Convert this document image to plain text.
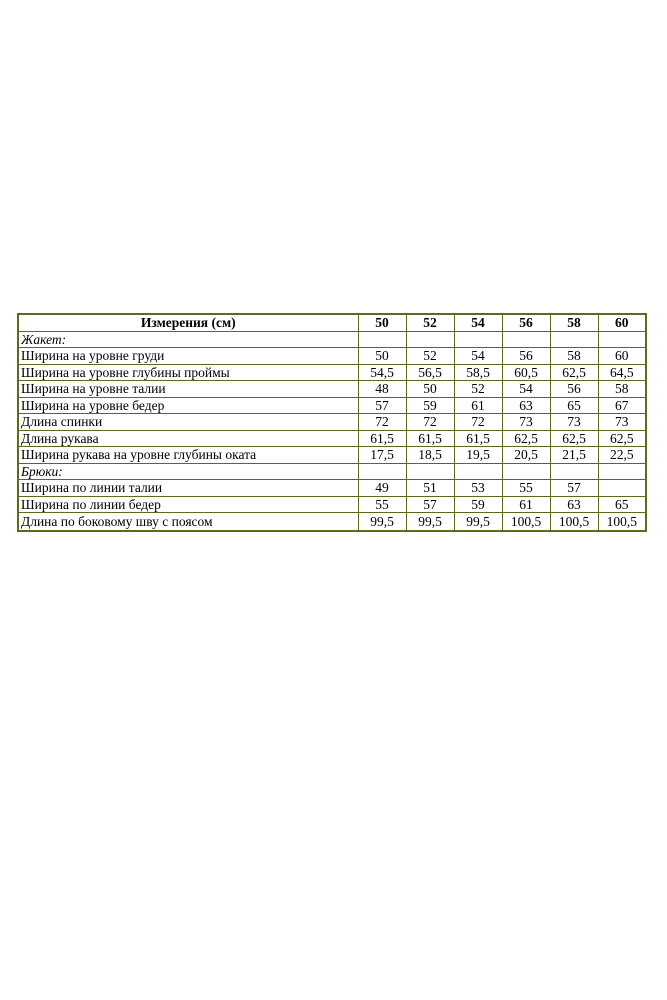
Измерения (см)	50	52	54	56	58	60
Жакет:						
Ширина на уровне груди	50	52	54	56	58	60
Ширина на уровне глубины проймы	54,5	56,5	58,5	60,5	62,5	64,5
Ширина на уровне талии	48	50	52	54	56	58
Ширина на уровне бедер	57	59	61	63	65	67
Длина спинки	72	72	72	73	73	73
Длина рукава	61,5	61,5	61,5	62,5	62,5	62,5
Ширина рукава на уровне глубины оката	17,5	18,5	19,5	20,5	21,5	22,5
Брюки:						
Ширина по линии талии	49	51	53	55	57	
Ширина по линии бедер	55	57	59	61	63	65
Длина по боковому шву с поясом	99,5	99,5	99,5	100,5	100,5	100,5
